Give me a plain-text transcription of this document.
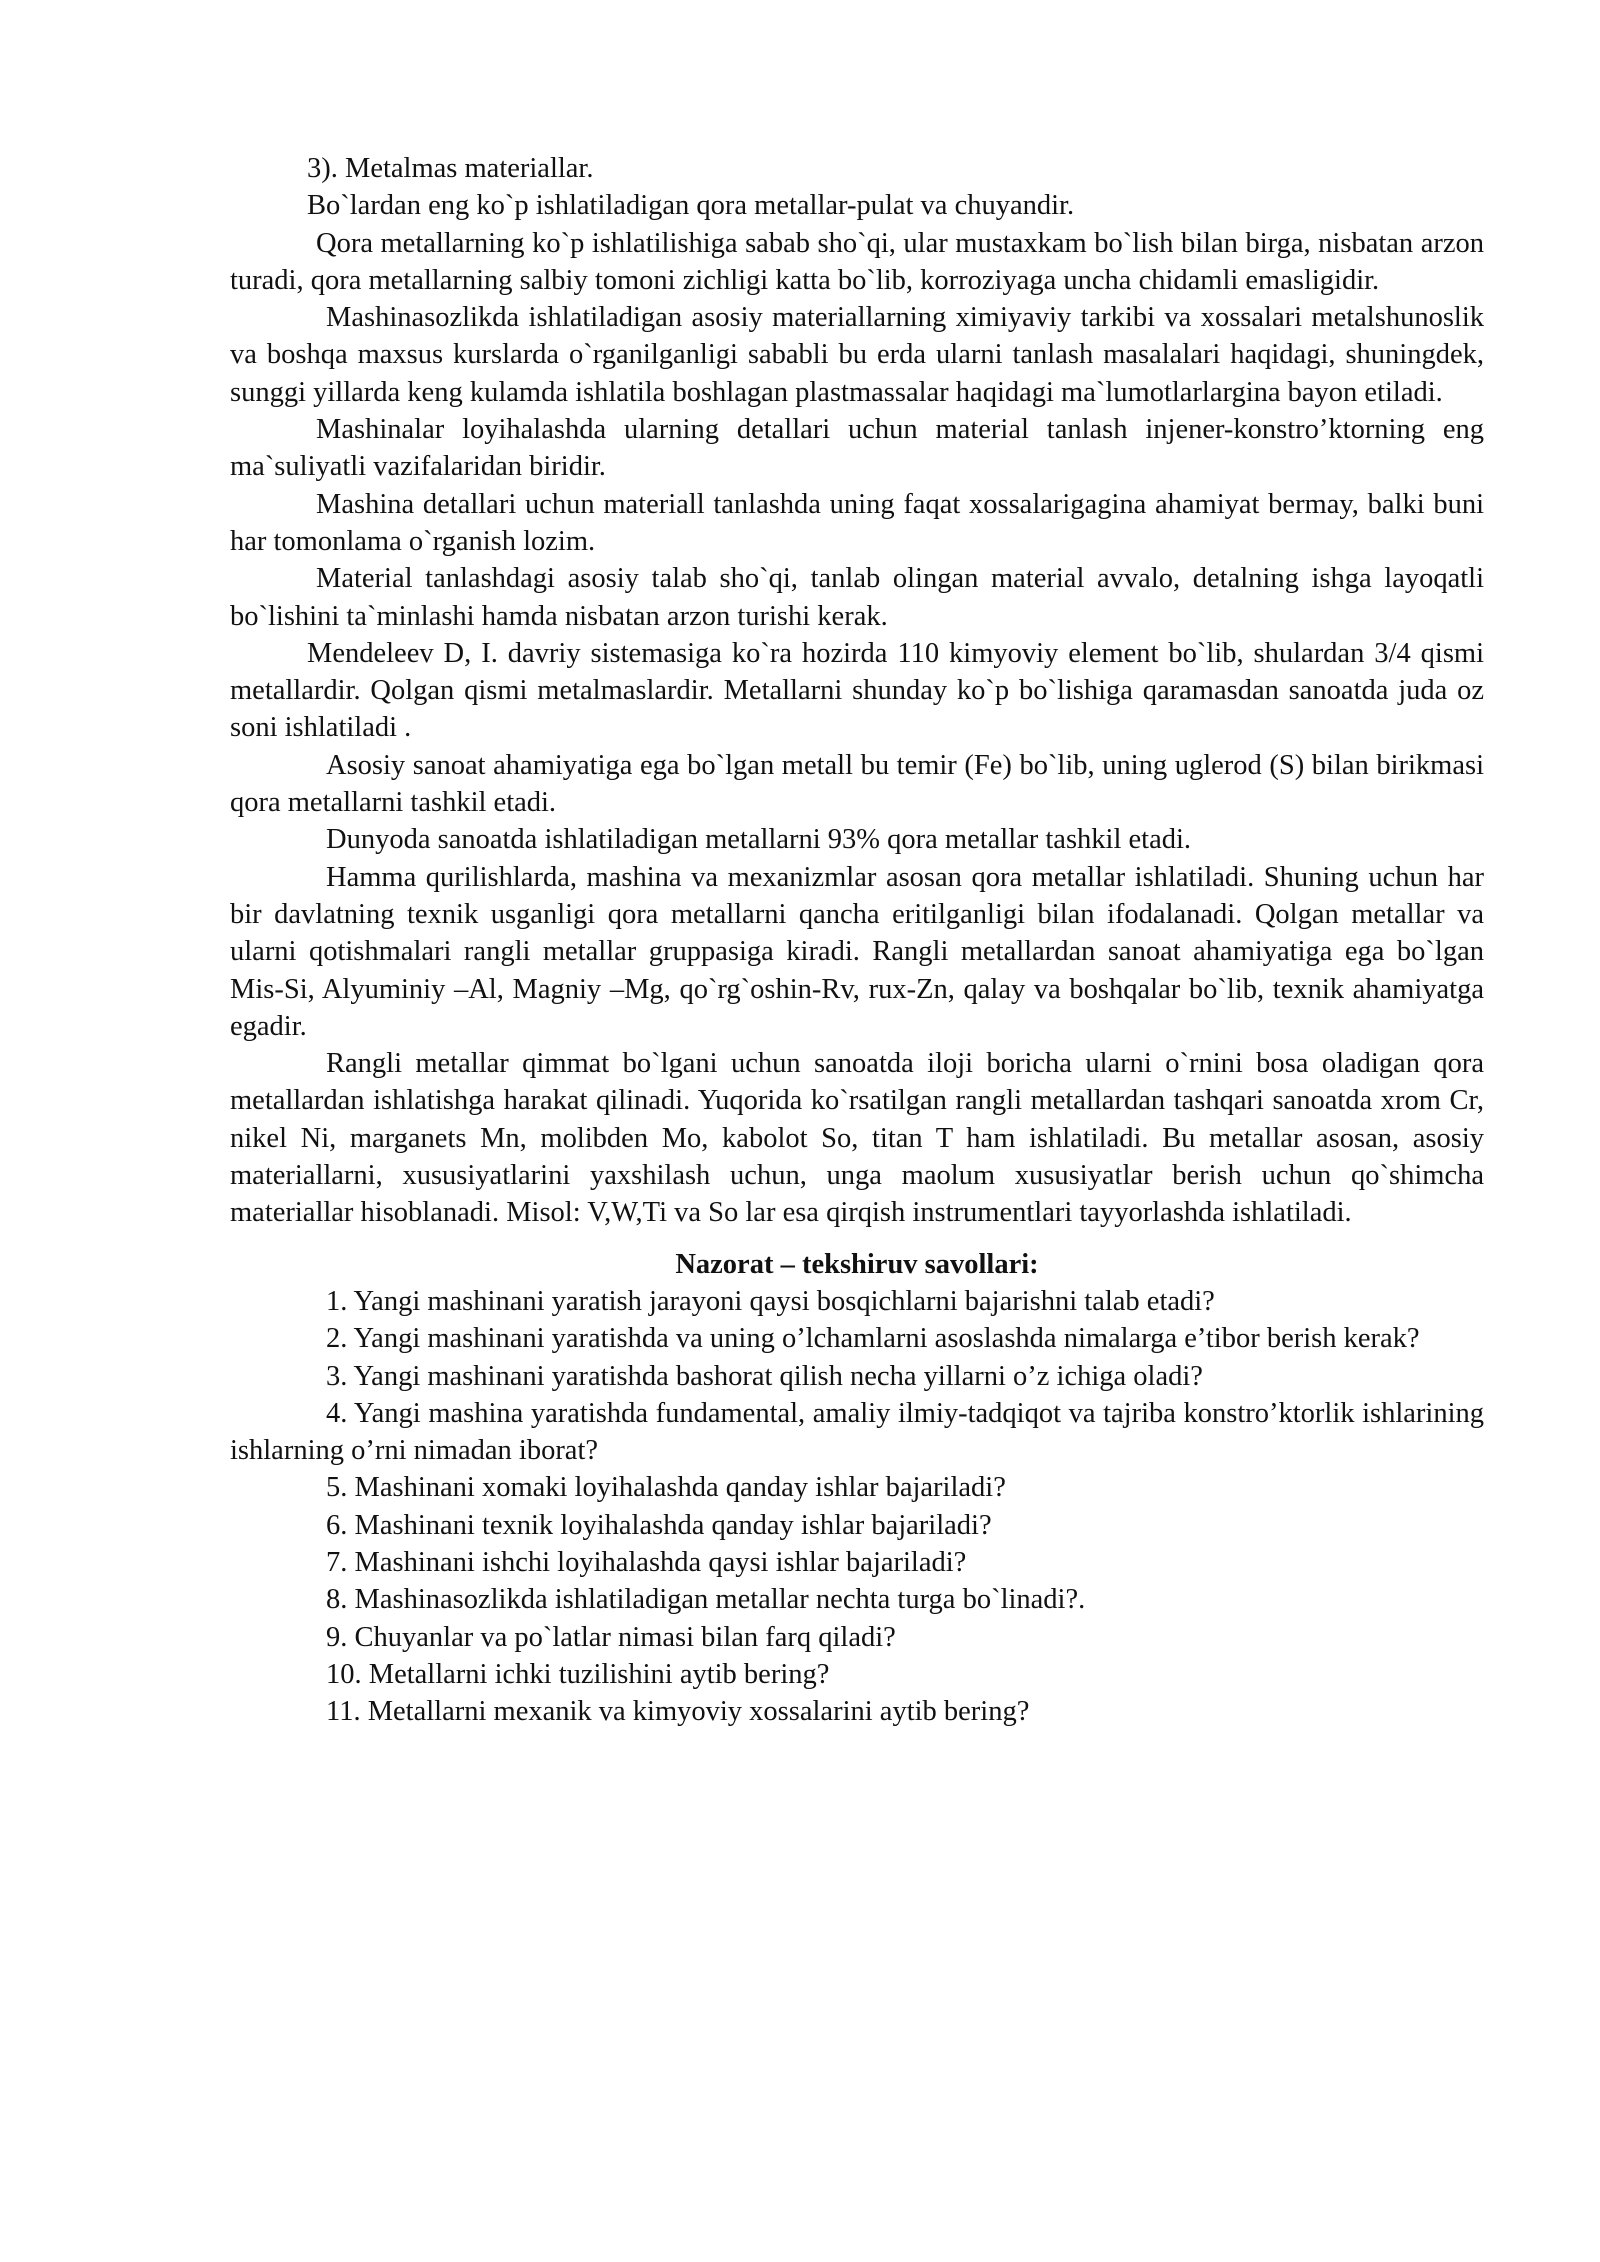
3). Metalmas materiallar.

Bo`lardan eng ko`p ishlatiladigan qora metallar-pulat va chuyandir.

Qora metallarning ko`p ishlatilishiga sabab sho`qi, ular mustaxkam bo`lish bilan birga, nisbatan arzon turadi, qora metallarning salbiy tomoni zichligi katta bo`lib, korroziyaga uncha chidamli emasligidir.

Mashinasozlikda ishlatiladigan asosiy materiallarning ximiyaviy tarkibi va xossalari metalshunoslik va boshqa maxsus kurslarda o`rganilganligi sababli bu erda ularni tanlash masalalari haqidagi, shuningdek, sunggi yillarda keng kulamda ishlatila boshlagan plastmassalar haqidagi ma`lumotlarlargina bayon etiladi.

Mashinalar loyihalashda ularning detallari uchun material tanlash injener-konstro’ktorning eng ma`suliyatli vazifalaridan biridir.

Mashina detallari uchun materiall tanlashda uning faqat xossalarigagina ahamiyat bermay, balki buni har tomonlama o`rganish lozim.

Material tanlashdagi asosiy talab sho`qi, tanlab olingan material avvalo, detalning ishga layoqatli bo`lishini ta`minlashi hamda nisbatan arzon turishi kerak.

Mendeleev D, I. davriy sistemasiga ko`ra hozirda 110 kimyoviy element bo`lib, shulardan 3/4 qismi metallardir. Qolgan qismi metalmaslardir. Metallarni shunday ko`p bo`lishiga qaramasdan sanoatda juda oz soni ishlatiladi .

Asosiy sanoat ahamiyatiga ega bo`lgan metall bu temir (Fe) bo`lib, uning uglerod (S) bilan birikmasi qora metallarni tashkil etadi.

Dunyoda sanoatda ishlatiladigan metallarni 93% qora metallar tashkil etadi.

Hamma qurilishlarda, mashina va mexanizmlar asosan qora metallar ishlatiladi. Shuning uchun har bir davlatning texnik usganligi qora metallarni qancha eritilganligi bilan ifodalanadi. Qolgan metallar va ularni qotishmalari rangli metallar gruppasiga kiradi. Rangli metallardan sanoat ahamiyatiga ega bo`lgan Mis-Si, Alyuminiy –Al, Magniy –Mg, qo`rg`oshin-Rv, rux-Zn, qalay va boshqalar bo`lib, texnik ahamiyatga egadir.

Rangli metallar qimmat bo`lgani uchun sanoatda iloji boricha ularni o`rnini bosa oladigan qora metallardan ishlatishga harakat qilinadi. Yuqorida ko`rsatilgan rangli metallardan tashqari sanoatda xrom Cr, nikel Ni, marganets Mn, molibden Mo, kabolot So, titan T ham ishlatiladi. Bu metallar asosan, asosiy materiallarni, xususiyatlarini yaxshilash uchun, unga maolum xususiyatlar berish uchun qo`shimcha materiallar hisoblanadi. Misol: V,W,Ti va So lar esa qirqish instrumentlari tayyorlashda ishlatiladi.

Nazorat – tekshiruv savollari:

1. Yangi mashinani yaratish jarayoni qaysi bosqichlarni bajarishni talab etadi?

2. Yangi mashinani yaratishda va uning o’lchamlarni asoslashda nimalarga e’tibor berish kerak?

3. Yangi mashinani yaratishda bashorat qilish necha yillarni o’z ichiga oladi?

4. Yangi mashina yaratishda fundamental, amaliy ilmiy-tadqiqot va tajriba konstro’ktorlik ishlarining ishlarning o’rni nimadan iborat?

5. Mashinani xomaki loyihalashda qanday ishlar bajariladi?

6. Mashinani texnik loyihalashda qanday ishlar bajariladi?

7. Mashinani ishchi loyihalashda qaysi ishlar bajariladi?

8. Mashinasozlikda ishlatiladigan metallar nechta turga bo`linadi?.

9. Chuyanlar va po`latlar nimasi bilan farq qiladi?

10. Metallarni ichki tuzilishini aytib bering?

11. Metallarni mexanik va kimyoviy xossalarini aytib bering?
